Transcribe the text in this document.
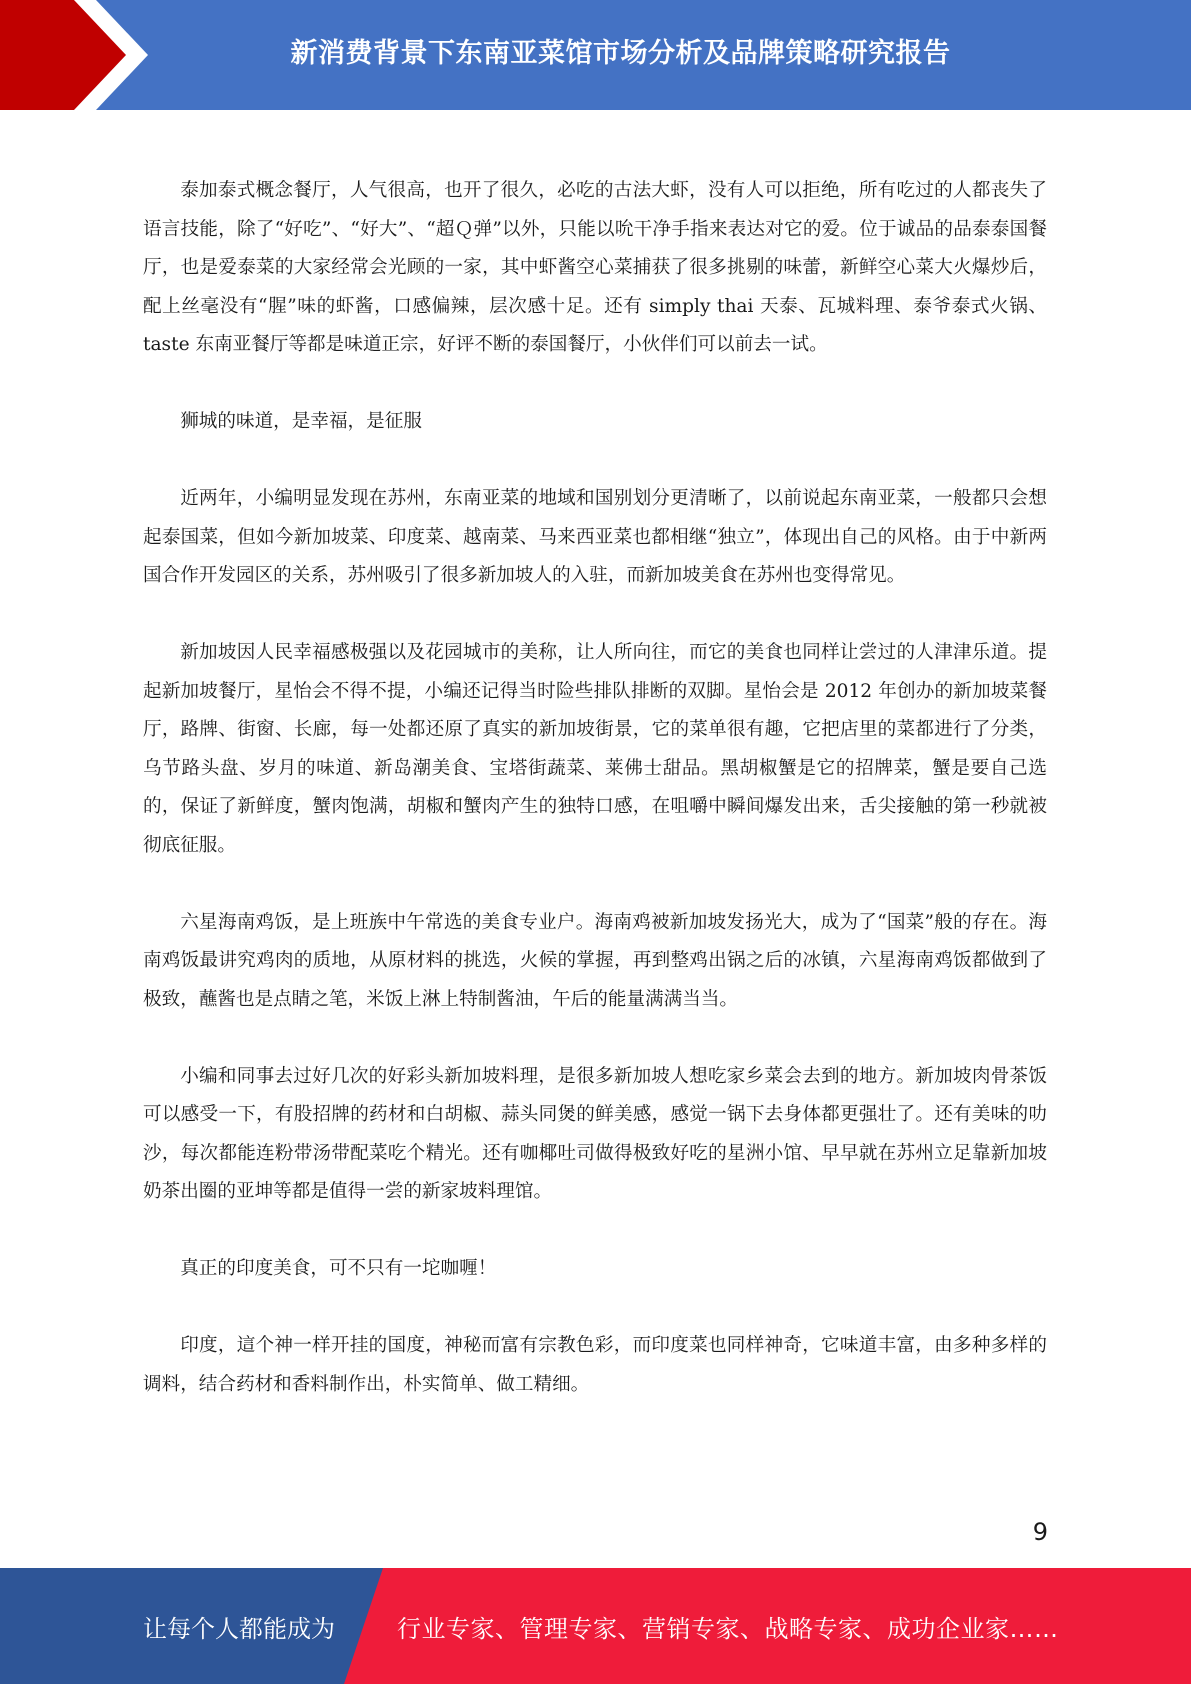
新消费背景下东南亚菜馆市场分析及品牌策略研究报告

泰加泰式概念餐厅，人气很高，也开了很久，必吃的古法大虾，没有人可以拒绝，所有吃过的人都丧失了语言技能，除了“好吃”、“好大”、“超Ｑ弹”以外，只能以吮干净手指来表达对它的爱。位于诚品的品泰泰国餐厅，也是爱泰菜的大家经常会光顾的一家，其中虾酱空心菜捕获了很多挑剔的味蕾，新鲜空心菜大火爆炒后，配上丝毫没有“腥”味的虾酱，口感偏辣，层次感十足。还有 simply thai 天泰、瓦城料理、泰爷泰式火锅、taste 东南亚餐厅等都是味道正宗，好评不断的泰国餐厅，小伙伴们可以前去一试。

狮城的味道，是幸福，是征服

近两年，小编明显发现在苏州，东南亚菜的地域和国别划分更清晰了，以前说起东南亚菜，一般都只会想起泰国菜，但如今新加坡菜、印度菜、越南菜、马来西亚菜也都相继“独立”，体现出自己的风格。由于中新两国合作开发园区的关系，苏州吸引了很多新加坡人的入驻，而新加坡美食在苏州也变得常见。

新加坡因人民幸福感极强以及花园城市的美称，让人所向往，而它的美食也同样让尝过的人津津乐道。提起新加坡餐厅，星怡会不得不提，小编还记得当时险些排队排断的双脚。星怡会是 2012 年创办的新加坡菜餐厅，路牌、街窗、长廊，每一处都还原了真实的新加坡街景，它的菜单很有趣，它把店里的菜都进行了分类，乌节路头盘、岁月的味道、新岛潮美食、宝塔街蔬菜、莱佛士甜品。黑胡椒蟹是它的招牌菜，蟹是要自己选的，保证了新鲜度，蟹肉饱满，胡椒和蟹肉产生的独特口感，在咀嚼中瞬间爆发出来，舌尖接触的第一秒就被彻底征服。

六星海南鸡饭，是上班族中午常选的美食专业户。海南鸡被新加坡发扬光大，成为了“国菜”般的存在。海南鸡饭最讲究鸡肉的质地，从原材料的挑选，火候的掌握，再到整鸡出锅之后的冰镇，六星海南鸡饭都做到了极致，蘸酱也是点睛之笔，米饭上淋上特制酱油，午后的能量满满当当。

小编和同事去过好几次的好彩头新加坡料理，是很多新加坡人想吃家乡菜会去到的地方。新加坡肉骨茶饭可以感受一下，有股招牌的药材和白胡椒、蒜头同煲的鲜美感，感觉一锅下去身体都更强壮了。还有美味的叻沙，每次都能连粉带汤带配菜吃个精光。还有咖椰吐司做得极致好吃的星洲小馆、早早就在苏州立足靠新加坡奶茶出圈的亚坤等都是值得一尝的新家坡料理馆。

真正的印度美食，可不只有一坨咖喱！

印度，這个神一样开挂的国度，神秘而富有宗教色彩，而印度菜也同样神奇，它味道丰富，由多种多样的调料，结合药材和香料制作出，朴实简单、做工精细。

9
让每个人都能成为	行业专家、管理专家、营销专家、战略专家、成功企业家……
